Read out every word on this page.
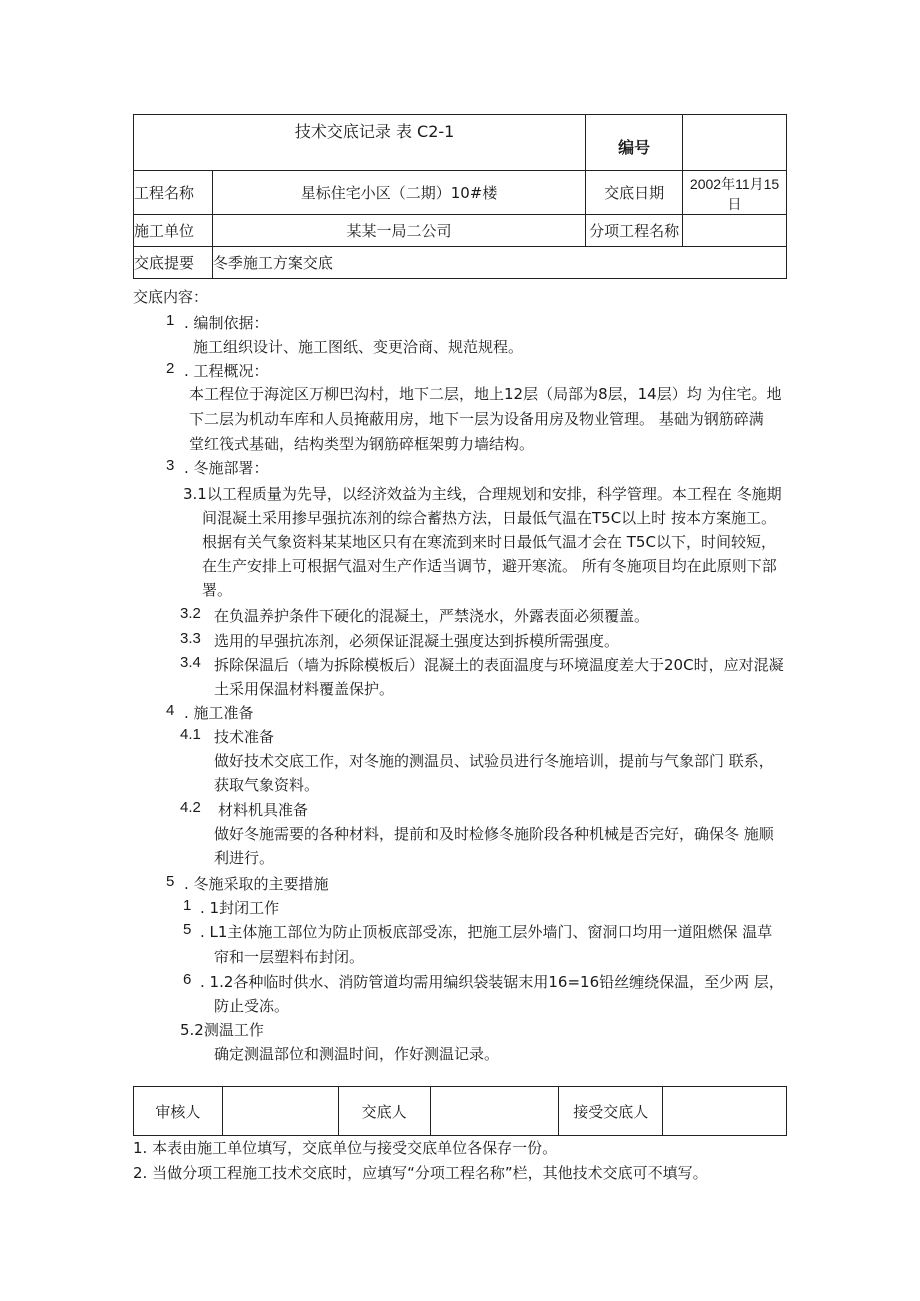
技术交底记录 表 C2-1		编号	
工程名称	星标住宅小区（二期）10#楼	交底日期	2002年11月15日
施工单位	某某一局二公司	分项工程名称	
交底提要	冬季施工方案交底		
交底内容：
1 . 编制依据：
施工组织设计、施工图纸、变更洽商、规范规程。
2 . 工程概况：
本工程位于海淀区万柳巴沟村，地下二层，地上12层（局部为8层，14层）均 为住宅。地
下二层为机动车库和人员掩蔽用房，地下一层为设备用房及物业管理。 基础为钢筋碎满
堂红筏式基础，结构类型为钢筋碎框架剪力墙结构。
3 . 冬施部署：
3.1以工程质量为先导，以经济效益为主线，合理规划和安排，科学管理。本工程在 冬施期
间混凝土采用掺早强抗冻剂的综合蓄热方法，日最低气温在T5C以上时 按本方案施工。
根据有关气象资料某某地区只有在寒流到来时日最低气温才会在 T5C以下，时间较短，
在生产安排上可根据气温对生产作适当调节，避开寒流。 所有冬施项目均在此原则下部
署。
3.2 在负温养护条件下硬化的混凝土，严禁浇水，外露表面必须覆盖。
3.3 选用的早强抗冻剂，必须保证混凝土强度达到拆模所需强度。
3.4 拆除保温后（墙为拆除模板后）混凝土的表面温度与环境温度差大于20C时，应对混凝
土采用保温材料覆盖保护。
4 . 施工准备
4.1 技术准备
做好技术交底工作，对冬施的测温员、试验员进行冬施培训，提前与气象部门 联系，
获取气象资料。
4.2 材料机具准备
做好冬施需要的各种材料，提前和及时检修冬施阶段各种机械是否完好，确保冬 施顺
利进行。
5 . 冬施采取的主要措施
1 . 1封闭工作
5 . L1主体施工部位为防止顶板底部受冻，把施工层外墙门、窗洞口均用一道阻燃保 温草
帘和一层塑料布封闭。
6 . 1.2各种临时供水、消防管道均需用编织袋装锯末用16=16铅丝缠绕保温，至少两 层，
防止受冻。
5.2测温工作
确定测温部位和测温时间，作好测温记录。
审核人		交底人		接受交底人	
1. 本表由施工单位填写，交底单位与接受交底单位各保存一份。
2. 当做分项工程施工技术交底时，应填写“分项工程名称”栏，其他技术交底可不填写。
